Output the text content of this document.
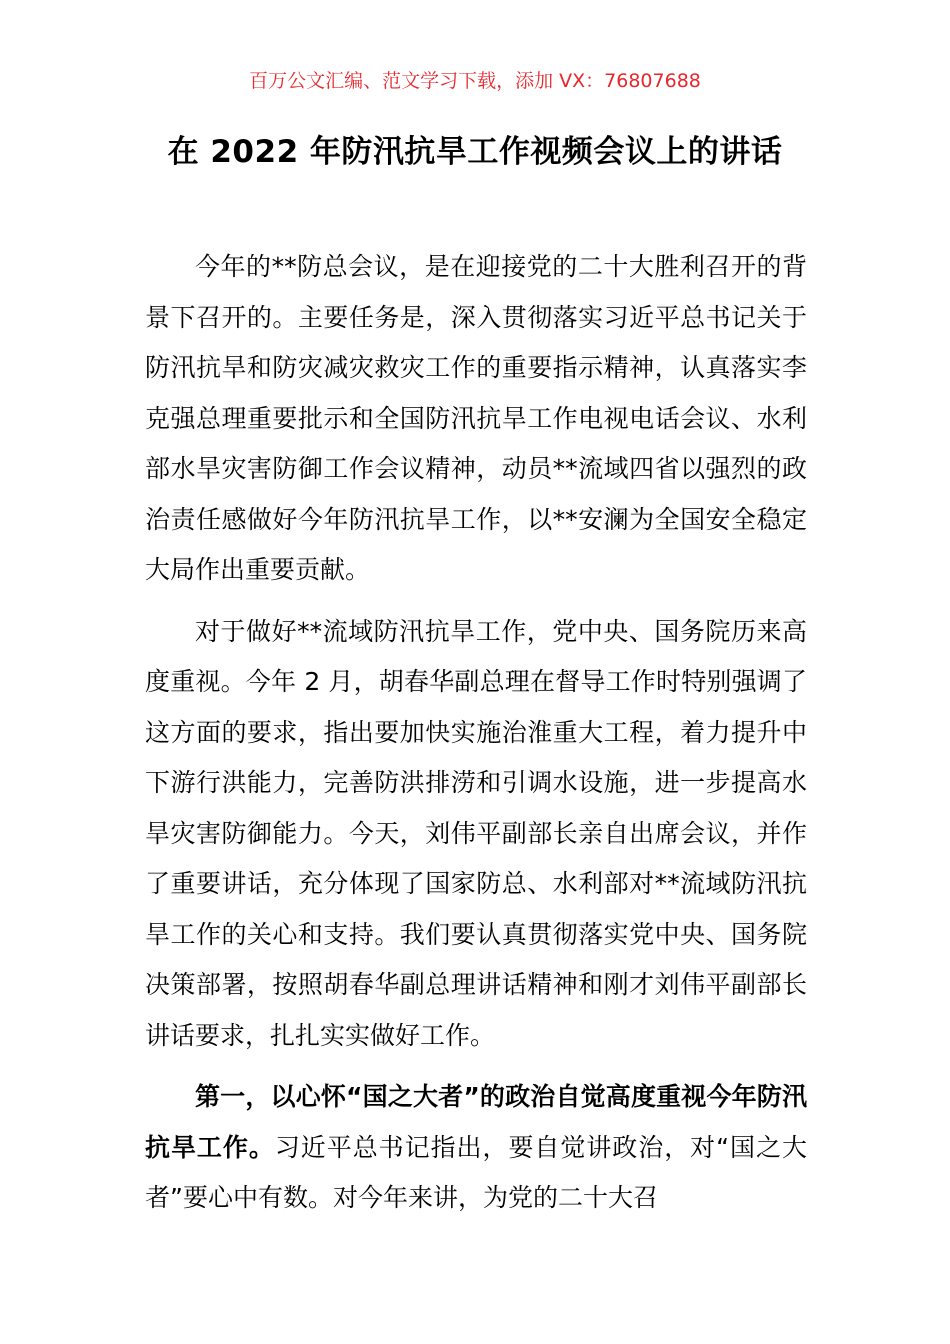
百万公文汇编、范文学习下载，添加 VX：76807688
在 2022 年防汛抗旱工作视频会议上的讲话

今年的**防总会议，是在迎接党的二十大胜利召开的背景下召开的。主要任务是，深入贯彻落实习近平总书记关于防汛抗旱和防灾减灾救灾工作的重要指示精神，认真落实李克强总理重要批示和全国防汛抗旱工作电视电话会议、水利部水旱灾害防御工作会议精神，动员**流域四省以强烈的政治责任感做好今年防汛抗旱工作，以**安澜为全国安全稳定大局作出重要贡献。

对于做好**流域防汛抗旱工作，党中央、国务院历来高度重视。今年 2 月，胡春华副总理在督导工作时特别强调了这方面的要求，指出要加快实施治淮重大工程，着力提升中下游行洪能力，完善防洪排涝和引调水设施，进一步提高水旱灾害防御能力。今天，刘伟平副部长亲自出席会议，并作了重要讲话，充分体现了国家防总、水利部对**流域防汛抗旱工作的关心和支持。我们要认真贯彻落实党中央、国务院决策部署，按照胡春华副总理讲话精神和刚才刘伟平副部长讲话要求，扎扎实实做好工作。

第一，以心怀“国之大者”的政治自觉高度重视今年防汛抗旱工作。习近平总书记指出，要自觉讲政治，对“国之大者”要心中有数。对今年来讲，为党的二十大召
